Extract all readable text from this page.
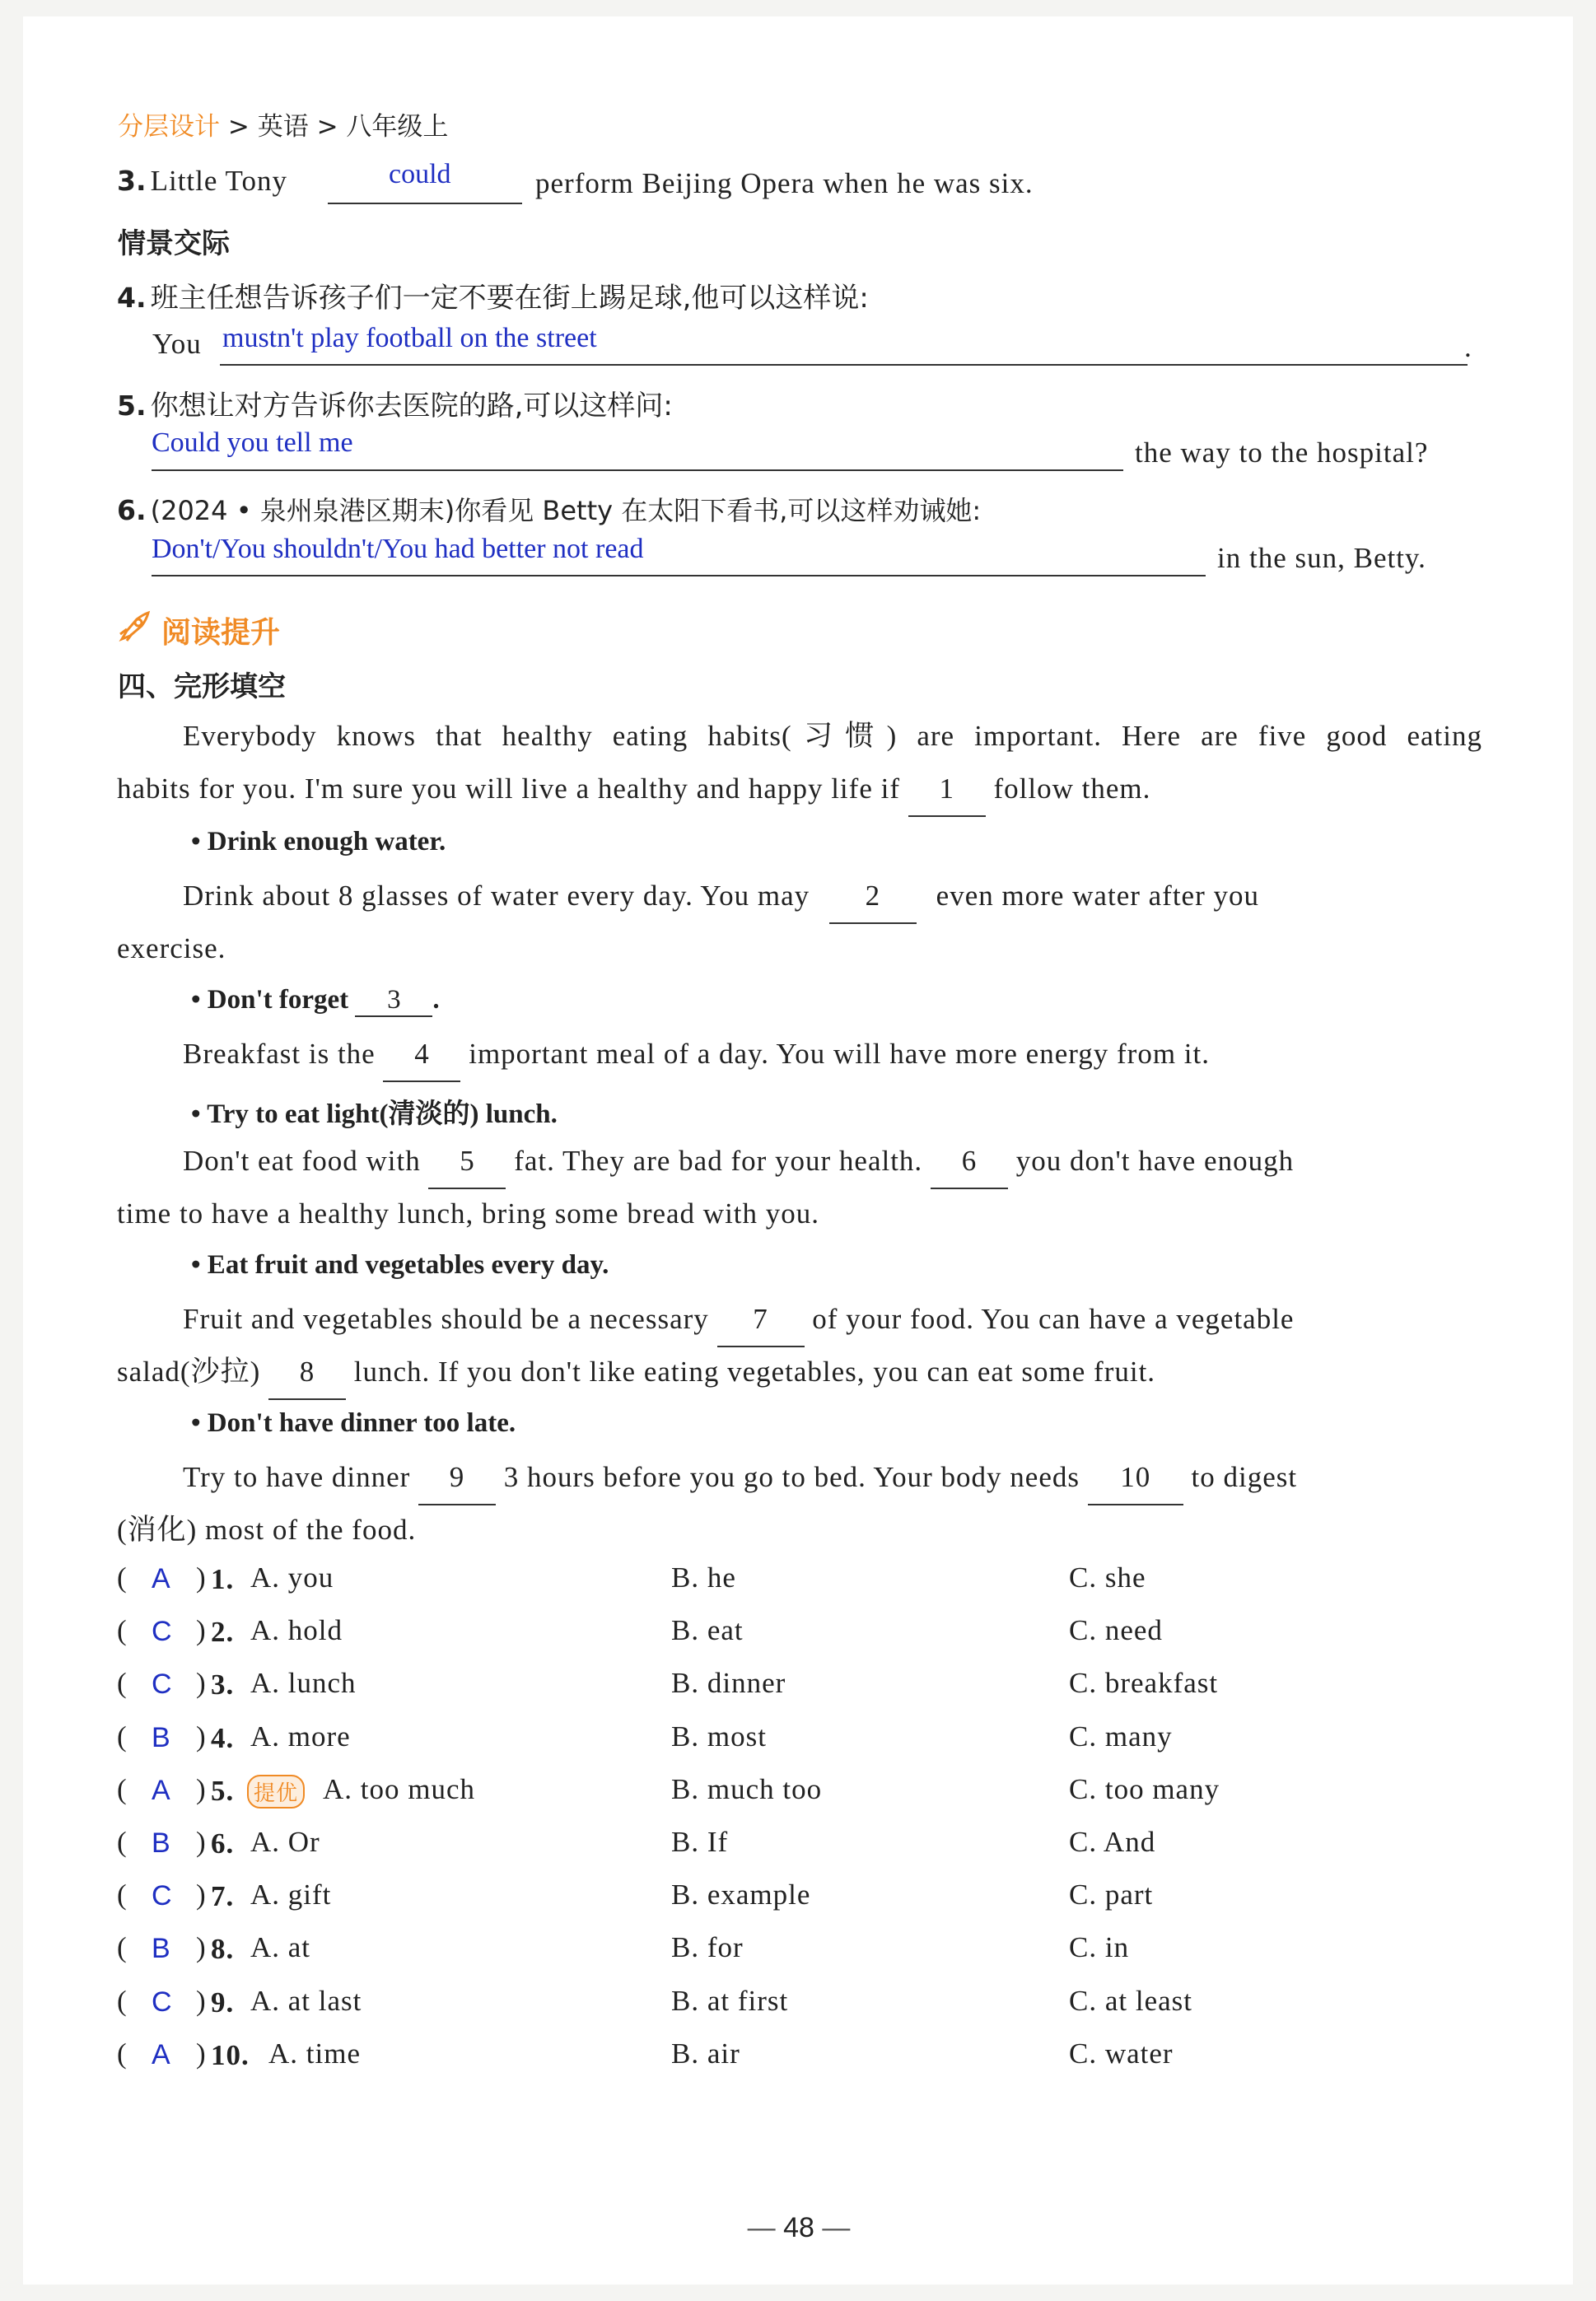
分层设计 > 英语 > 八年级上
3. Little Tony	could	perform Beijing Opera when he was six.
情景交际
4. 班主任想告诉孩子们一定不要在街上踢足球,他可以这样说:
You mustn't play football on the street	.
5. 你想让对方告诉你去医院的路,可以这样问:
Could you tell me	the way to the hospital?
6. (2024 • 泉州泉港区期末)你看见 Betty 在太阳下看书,可以这样劝诫她:
Don't/You shouldn't/You had better not read	in the sun, Betty.
阅读提升
四、完形填空
Everybody knows that healthy eating habits(习惯) are important. Here are five good eating
habits for you. I'm sure you will live a healthy and happy life if 1 follow them.
• Drink enough water.
Drink about 8 glasses of water every day. You may 2 even more water after you
exercise.
• Don't forget 3 .
Breakfast is the 4 important meal of a day. You will have more energy from it.
• Try to eat light(清淡的) lunch.
Don't eat food with 5 fat. They are bad for your health. 6 you don't have enough
time to have a healthy lunch, bring some bread with you.
• Eat fruit and vegetables every day.
Fruit and vegetables should be a necessary 7 of your food. You can have a vegetable
salad(沙拉) 8 lunch. If you don't like eating vegetables, you can eat some fruit.
• Don't have dinner too late.
Try to have dinner 9 3 hours before you go to bed. Your body needs 10 to digest
(消化) most of the food.
( A ) 1. A. you	B. he	C. she
( C ) 2. A. hold	B. eat	C. need
( C ) 3. A. lunch	B. dinner	C. breakfast
( B ) 4. A. more	B. most	C. many
( A ) 5. 提优 A. too much	B. much too	C. too many
( B ) 6. A. Or	B. If	C. And
( C ) 7. A. gift	B. example	C. part
( B ) 8. A. at	B. for	C. in
( C ) 9. A. at last	B. at first	C. at least
( A ) 10. A. time	B. air	C. water
— 48 —
